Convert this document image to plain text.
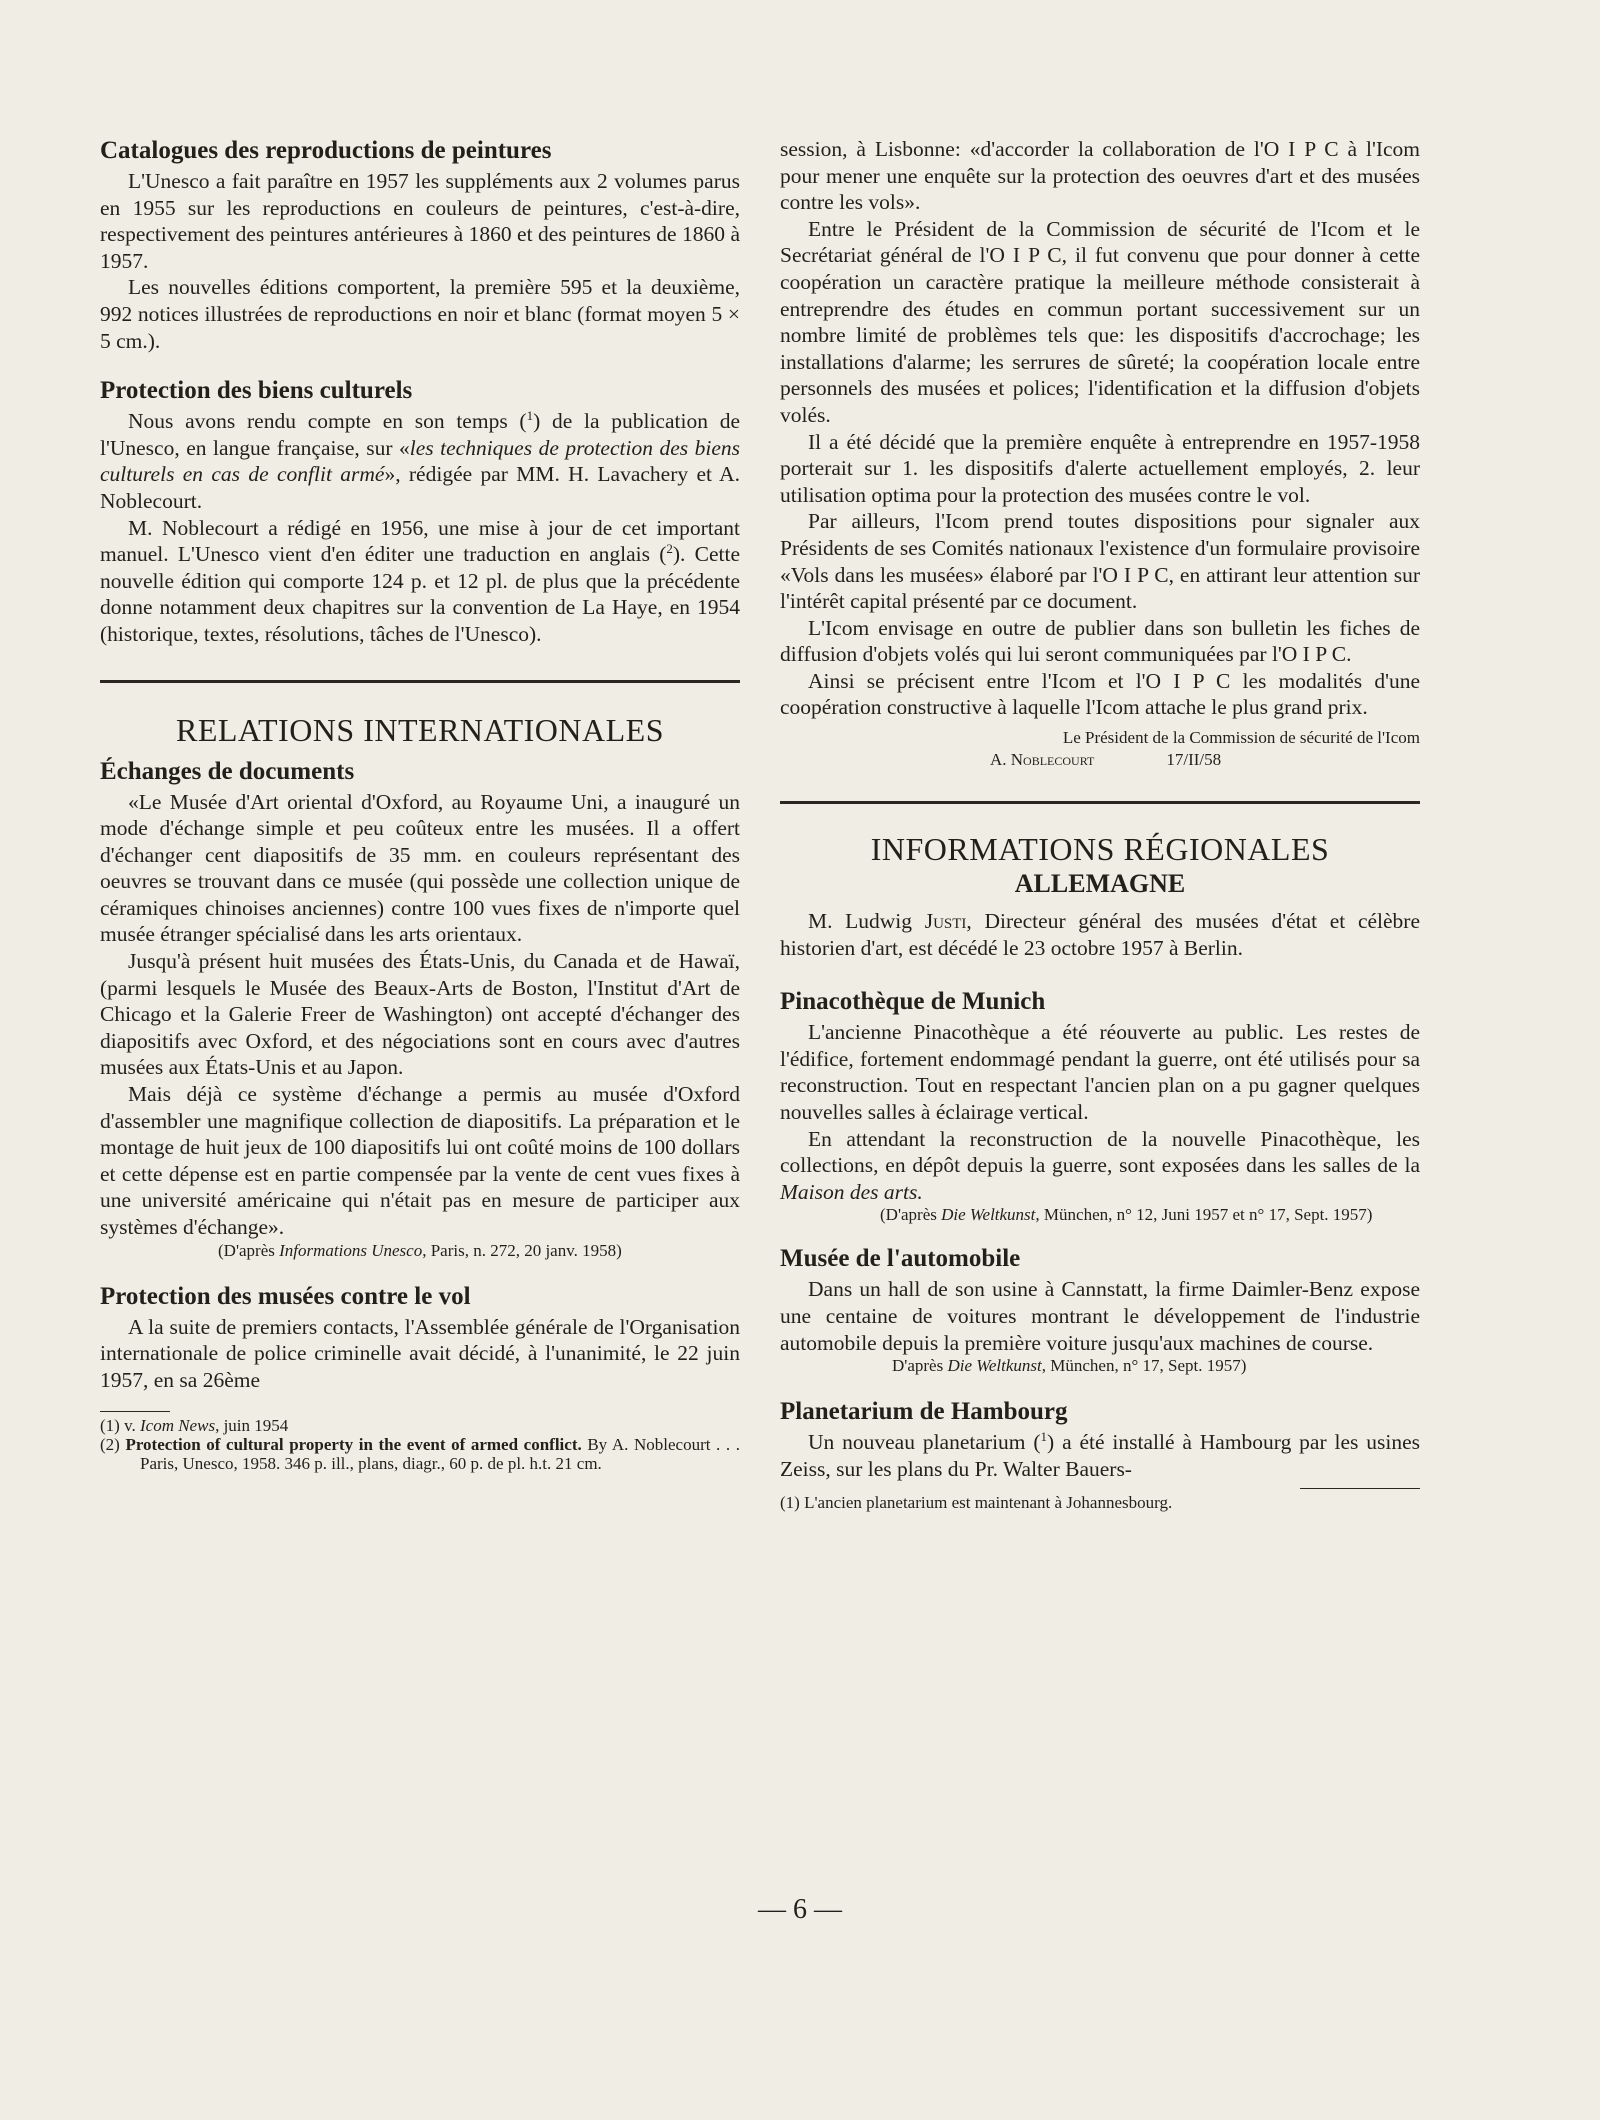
Catalogues des reproductions de peintures

L'Unesco a fait paraître en 1957 les suppléments aux 2 volumes parus en 1955 sur les reproductions en couleurs de peintures, c'est-à-dire, respectivement des peintures antérieures à 1860 et des peintures de 1860 à 1957.

Les nouvelles éditions comportent, la première 595 et la deuxième, 992 notices illustrées de reproductions en noir et blanc (format moyen 5 × 5 cm.).

Protection des biens culturels

Nous avons rendu compte en son temps ($^1$) de la publication de l'Unesco, en langue française, sur «les techniques de protection des biens culturels en cas de conflit armé», rédigée par MM. H. Lavachery et A. Noblecourt.

M. Noblecourt a rédigé en 1956, une mise à jour de cet important manuel. L'Unesco vient d'en éditer une traduction en anglais ($^2$). Cette nouvelle édition qui comporte 124 p. et 12 pl. de plus que la précédente donne notamment deux chapitres sur la convention de La Haye, en 1954 (historique, textes, résolutions, tâches de l'Unesco).

RELATIONS INTERNATIONALES
Échanges de documents

«Le Musée d'Art oriental d'Oxford, au Royaume Uni, a inauguré un mode d'échange simple et peu coûteux entre les musées. Il a offert d'échanger cent diapositifs de 35 mm. en couleurs représentant des oeuvres se trouvant dans ce musée (qui possède une collection unique de céramiques chinoises anciennes) contre 100 vues fixes de n'importe quel musée étranger spécialisé dans les arts orientaux.

Jusqu'à présent huit musées des États-Unis, du Canada et de Hawaï, (parmi lesquels le Musée des Beaux-Arts de Boston, l'Institut d'Art de Chicago et la Galerie Freer de Washington) ont accepté d'échanger des diapositifs avec Oxford, et des négociations sont en cours avec d'autres musées aux États-Unis et au Japon.

Mais déjà ce système d'échange a permis au musée d'Oxford d'assembler une magnifique collection de diapositifs. La préparation et le montage de huit jeux de 100 diapositifs lui ont coûté moins de 100 dollars et cette dépense est en partie compensée par la vente de cent vues fixes à une université américaine qui n'était pas en mesure de participer aux systèmes d'échange».

(D'après Informations Unesco, Paris, n. 272, 20 janv. 1958)

Protection des musées contre le vol

A la suite de premiers contacts, l'Assemblée générale de l'Organisation internationale de police criminelle avait décidé, à l'unanimité, le 22 juin 1957, en sa 26ème

(1) v. Icom News, juin 1954

(2) Protection of cultural property in the event of armed conflict. By A. Noblecourt . . . Paris, Unesco, 1958. 346 p. ill., plans, diagr., 60 p. de pl. h.t. 21 cm.

session, à Lisbonne: «d'accorder la collaboration de l'O I P C à l'Icom pour mener une enquête sur la protection des oeuvres d'art et des musées contre les vols».

Entre le Président de la Commission de sécurité de l'Icom et le Secrétariat général de l'O I P C, il fut convenu que pour donner à cette coopération un caractère pratique la meilleure méthode consisterait à entreprendre des études en commun portant successivement sur un nombre limité de problèmes tels que: les dispositifs d'accrochage; les installations d'alarme; les serrures de sûreté; la coopération locale entre personnels des musées et polices; l'identification et la diffusion d'objets volés.

Il a été décidé que la première enquête à entreprendre en 1957-1958 porterait sur 1. les dispositifs d'alerte actuellement employés, 2. leur utilisation optima pour la protection des musées contre le vol.

Par ailleurs, l'Icom prend toutes dispositions pour signaler aux Présidents de ses Comités nationaux l'existence d'un formulaire provisoire «Vols dans les musées» élaboré par l'O I P C, en attirant leur attention sur l'intérêt capital présenté par ce document.

L'Icom envisage en outre de publier dans son bulletin les fiches de diffusion d'objets volés qui lui seront communiquées par l'O I P C.

Ainsi se précisent entre l'Icom et l'O I P C les modalités d'une coopération constructive à laquelle l'Icom attache le plus grand prix.

Le Président de la Commission de sécurité de l'Icom

A. Noblecourt	17/II/58

INFORMATIONS RÉGIONALES
ALLEMAGNE

M. Ludwig Justi, Directeur général des musées d'état et célèbre historien d'art, est décédé le 23 octobre 1957 à Berlin.

Pinacothèque de Munich

L'ancienne Pinacothèque a été réouverte au public. Les restes de l'édifice, fortement endommagé pendant la guerre, ont été utilisés pour sa reconstruction. Tout en respectant l'ancien plan on a pu gagner quelques nouvelles salles à éclairage vertical.

En attendant la reconstruction de la nouvelle Pinacothèque, les collections, en dépôt depuis la guerre, sont exposées dans les salles de la Maison des arts.

(D'après Die Weltkunst, München, n° 12, Juni 1957 et n° 17, Sept. 1957)

Musée de l'automobile

Dans un hall de son usine à Cannstatt, la firme Daimler-Benz expose une centaine de voitures montrant le développement de l'industrie automobile depuis la première voiture jusqu'aux machines de course.

D'après Die Weltkunst, München, n° 17, Sept. 1957)

Planetarium de Hambourg

Un nouveau planetarium ($^1$) a été installé à Hambourg par les usines Zeiss, sur les plans du Pr. Walter Bauers-

(1) L'ancien planetarium est maintenant à Johannesbourg.

— 6 —
